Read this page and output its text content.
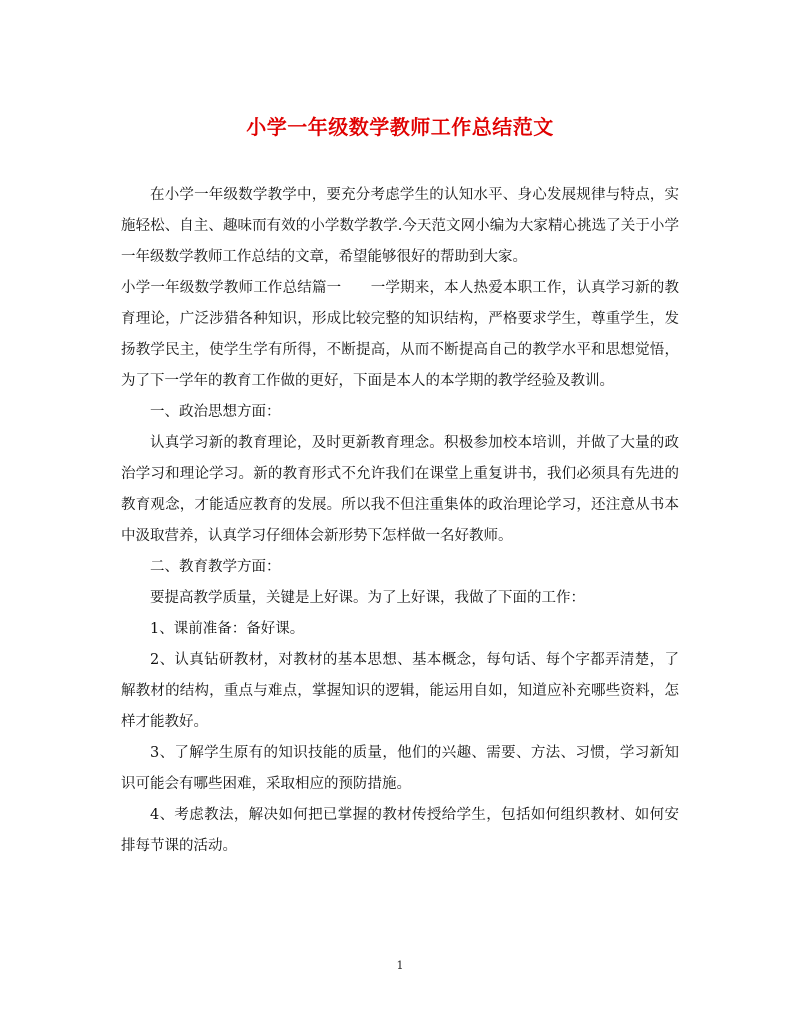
小学一年级数学教师工作总结范文

在小学一年级数学教学中，要充分考虑学生的认知水平、身心发展规律与特点，实施轻松、自主、趣味而有效的小学数学教学.今天范文网小编为大家精心挑选了关于小学一年级数学教师工作总结的文章，希望能够很好的帮助到大家。

小学一年级数学教师工作总结篇一　　一学期来，本人热爱本职工作，认真学习新的教育理论，广泛涉猎各种知识，形成比较完整的知识结构，严格要求学生，尊重学生，发扬教学民主，使学生学有所得，不断提高，从而不断提高自己的教学水平和思想觉悟，为了下一学年的教育工作做的更好，下面是本人的本学期的教学经验及教训。

一、政治思想方面：

认真学习新的教育理论，及时更新教育理念。积极参加校本培训，并做了大量的政治学习和理论学习。新的教育形式不允许我们在课堂上重复讲书，我们必须具有先进的教育观念，才能适应教育的发展。所以我不但注重集体的政治理论学习，还注意从书本中汲取营养，认真学习仔细体会新形势下怎样做一名好教师。

二、教育教学方面：

要提高教学质量，关键是上好课。为了上好课，我做了下面的工作：

1、课前准备：备好课。

2、认真钻研教材，对教材的基本思想、基本概念，每句话、每个字都弄清楚，了解教材的结构，重点与难点，掌握知识的逻辑，能运用自如，知道应补充哪些资料，怎样才能教好。

3、了解学生原有的知识技能的质量，他们的兴趣、需要、方法、习惯，学习新知识可能会有哪些困难，采取相应的预防措施。

4、考虑教法，解决如何把已掌握的教材传授给学生，包括如何组织教材、如何安排每节课的活动。

1
